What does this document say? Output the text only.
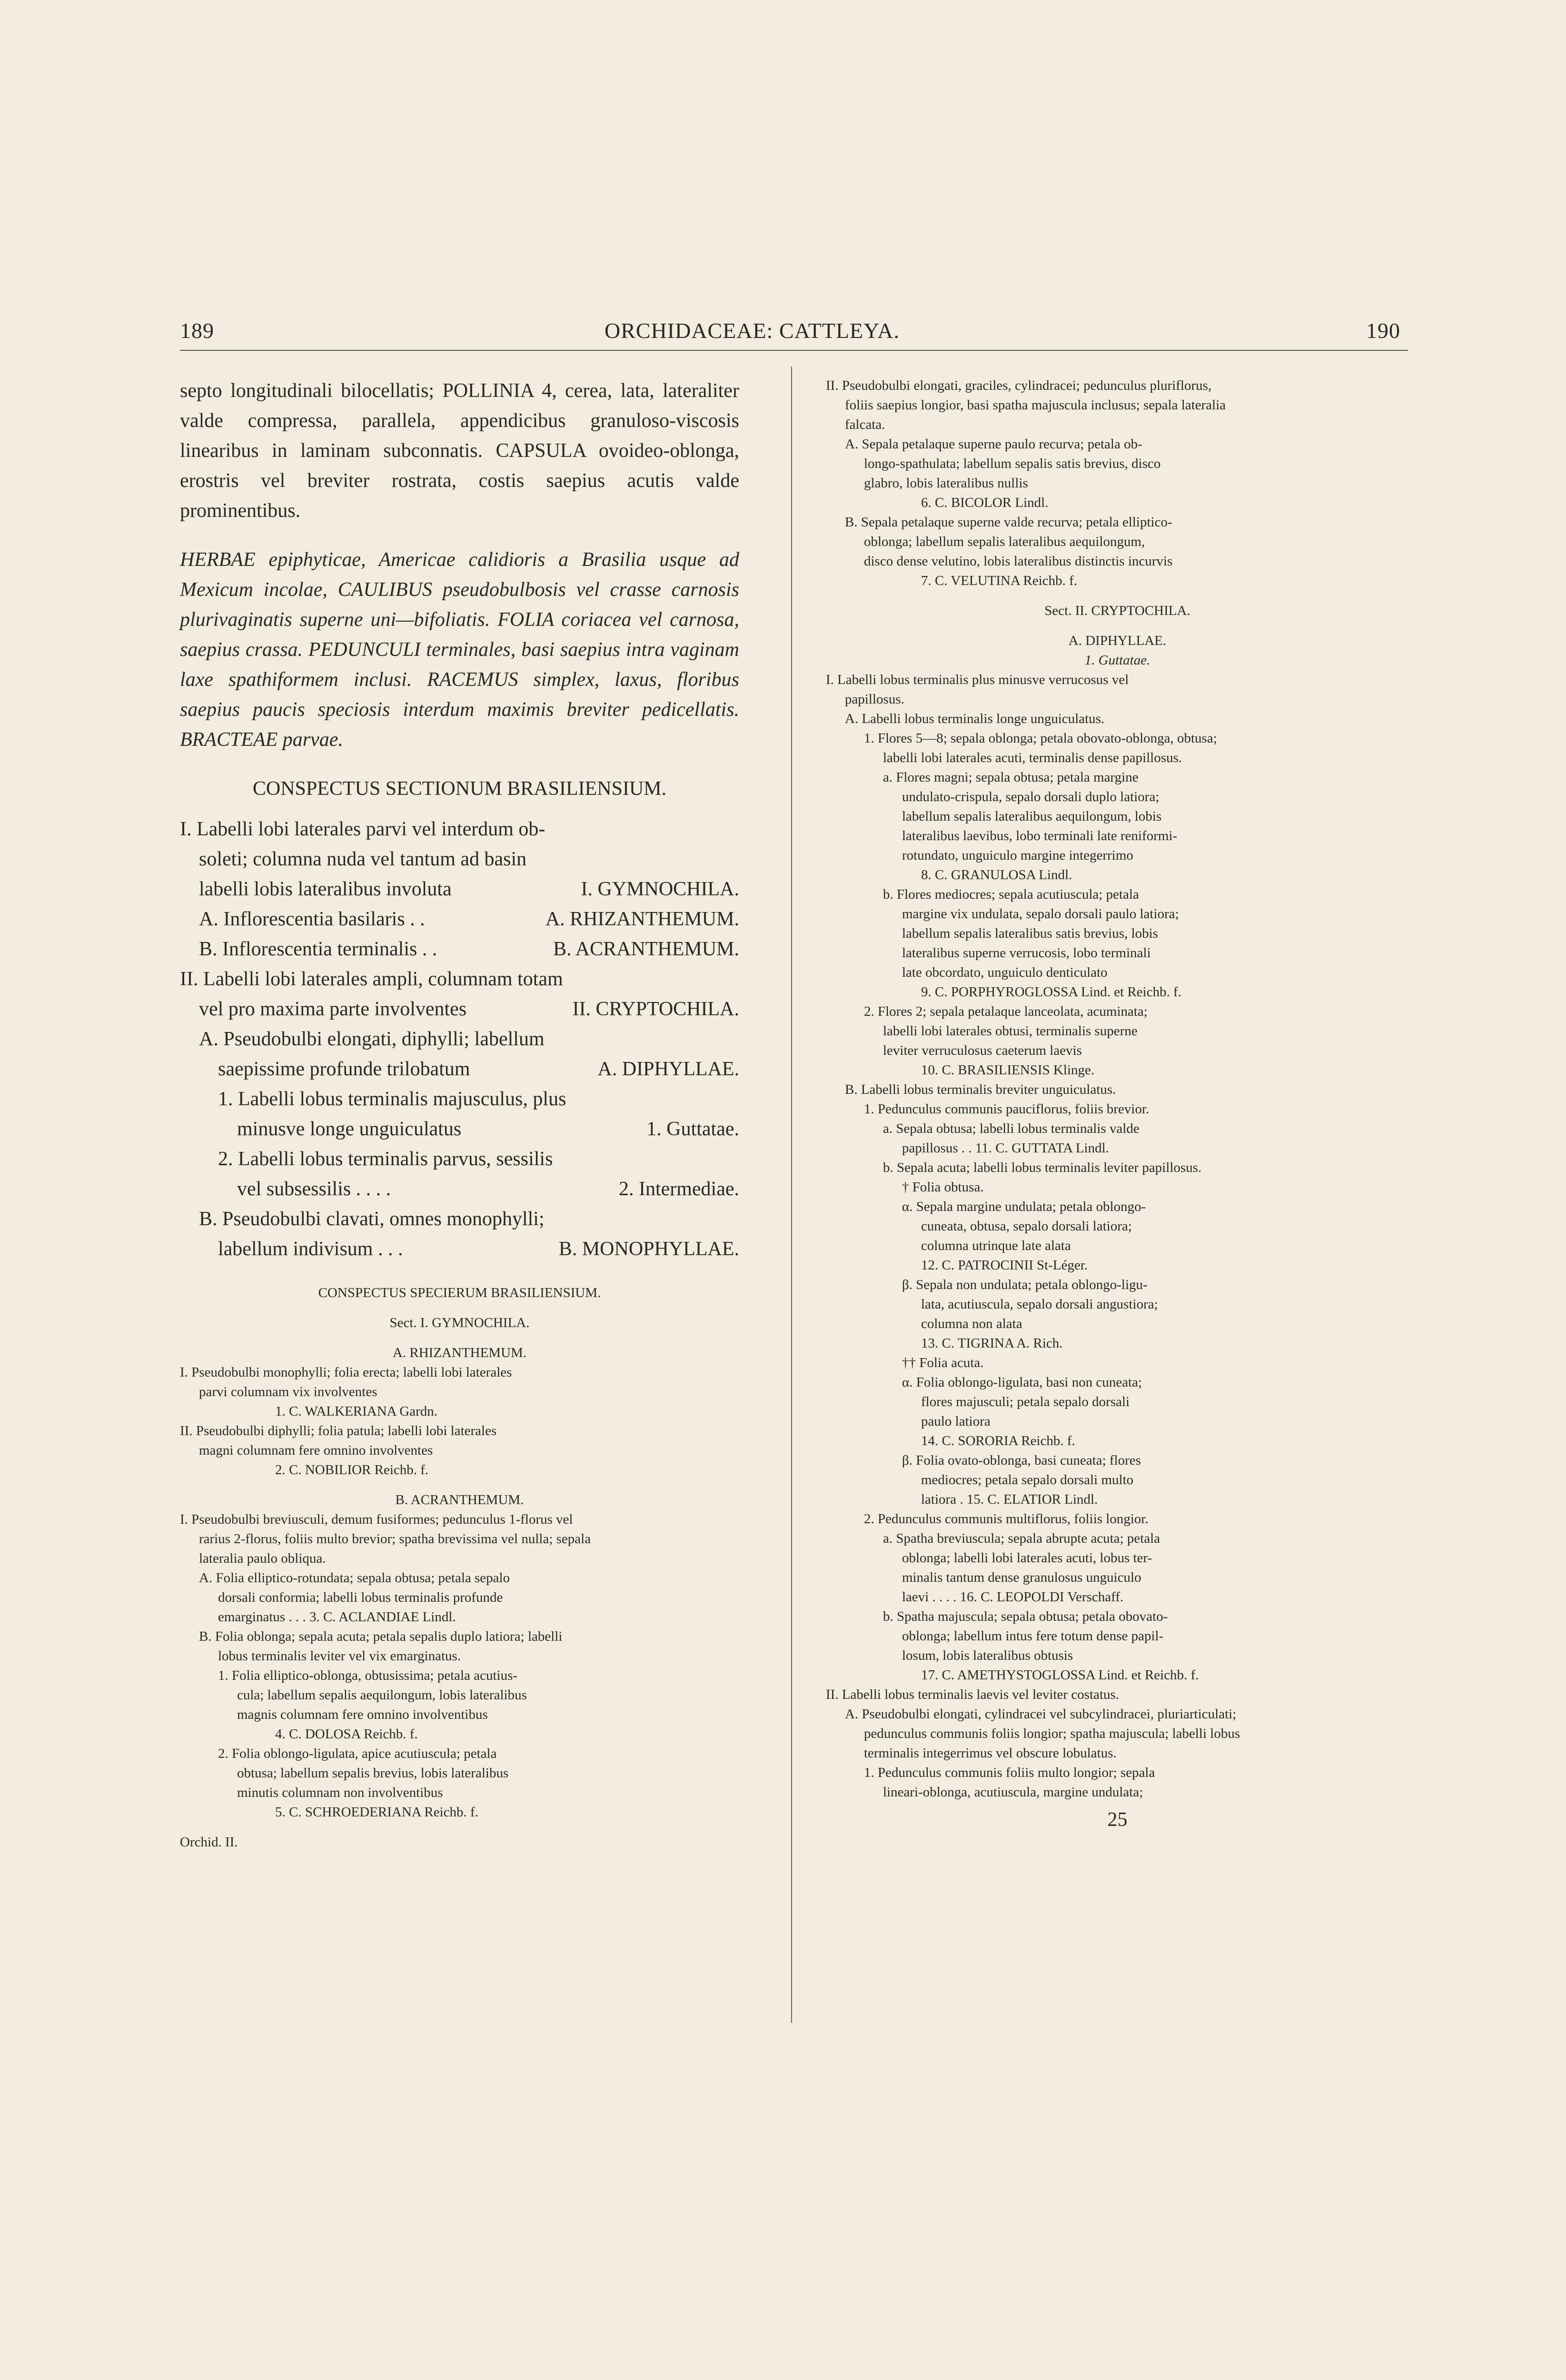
189	ORCHIDACEAE: CATTLEYA.	190

septo longitudinali bilocellatis; POLLINIA 4, cerea, lata, lateraliter valde compressa, parallela, appendicibus granuloso-viscosis linearibus in laminam subconnatis. CAPSULA ovoideo-oblonga, erostris vel breviter rostrata, costis saepius acutis valde prominentibus.

HERBAE epiphyticae, Americae calidioris a Brasilia usque ad Mexicum incolae, CAULIBUS pseudobulbosis vel crasse carnosis plurivaginatis superne uni—bifoliatis. FOLIA coriacea vel carnosa, saepius crassa. PEDUNCULI terminales, basi saepius intra vaginam laxe spathiformem inclusi. RACEMUS simplex, laxus, floribus saepius paucis speciosis interdum maximis breviter pedicellatis. BRACTEAE parvae.

CONSPECTUS SECTIONUM BRASILIENSIUM.

I. Labelli lobi laterales parvi vel interdum ob-
soleti; columna nuda vel tantum ad basin
labelli lobis lateralibus involuta	I. GYMNOCHILA.
A. Inflorescentia basilaris . .	A. RHIZANTHEMUM.
B. Inflorescentia terminalis . .	B. ACRANTHEMUM.
II. Labelli lobi laterales ampli, columnam totam
vel pro maxima parte involventes	II. CRYPTOCHILA.
A. Pseudobulbi elongati, diphylli; labellum
saepissime profunde trilobatum	A. DIPHYLLAE.
1. Labelli lobus terminalis majusculus, plus
minusve longe unguiculatus	1. Guttatae.
2. Labelli lobus terminalis parvus, sessilis
vel subsessilis . . . .	2. Intermediae.
B. Pseudobulbi clavati, omnes monophylli;
labellum indivisum . . .	B. MONOPHYLLAE.

CONSPECTUS SPECIERUM BRASILIENSIUM.

Sect. I. GYMNOCHILA.

A. RHIZANTHEMUM.

I. Pseudobulbi monophylli; folia erecta; labelli lobi laterales
parvi columnam vix involventes
1. C. WALKERIANA Gardn.
II. Pseudobulbi diphylli; folia patula; labelli lobi laterales
magni columnam fere omnino involventes
2. C. NOBILIOR Reichb. f.

B. ACRANTHEMUM.

I. Pseudobulbi breviusculi, demum fusiformes; pedunculus 1-florus vel
rarius 2-florus, foliis multo brevior; spatha brevissima vel nulla; sepala
lateralia paulo obliqua.
A. Folia elliptico-rotundata; sepala obtusa; petala sepalo
dorsali conformia; labelli lobus terminalis profunde
emarginatus . . . 3. C. ACLANDIAE Lindl.
B. Folia oblonga; sepala acuta; petala sepalis duplo latiora; labelli
lobus terminalis leviter vel vix emarginatus.
1. Folia elliptico-oblonga, obtusissima; petala acutius-
cula; labellum sepalis aequilongum, lobis lateralibus
magnis columnam fere omnino involventibus
4. C. DOLOSA Reichb. f.
2. Folia oblongo-ligulata, apice acutiuscula; petala
obtusa; labellum sepalis brevius, lobis lateralibus
minutis columnam non involventibus
5. C. SCHROEDERIANA Reichb. f.

Orchid. II.

II. Pseudobulbi elongati, graciles, cylindracei; pedunculus pluriflorus,
foliis saepius longior, basi spatha majuscula inclusus; sepala lateralia
falcata.
A. Sepala petalaque superne paulo recurva; petala ob-
longo-spathulata; labellum sepalis satis brevius, disco
glabro, lobis lateralibus nullis
6. C. BICOLOR Lindl.
B. Sepala petalaque superne valde recurva; petala elliptico-
oblonga; labellum sepalis lateralibus aequilongum,
disco dense velutino, lobis lateralibus distinctis incurvis
7. C. VELUTINA Reichb. f.

Sect. II. CRYPTOCHILA.

A. DIPHYLLAE.

1. Guttatae.

I. Labelli lobus terminalis plus minusve verrucosus vel
papillosus.
A. Labelli lobus terminalis longe unguiculatus.
1. Flores 5—8; sepala oblonga; petala obovato-oblonga, obtusa;
labelli lobi laterales acuti, terminalis dense papillosus.
a. Flores magni; sepala obtusa; petala margine
undulato-crispula, sepalo dorsali duplo latiora;
labellum sepalis lateralibus aequilongum, lobis
lateralibus laevibus, lobo terminali late reniformi-
rotundato, unguiculo margine integerrimo
8. C. GRANULOSA Lindl.
b. Flores mediocres; sepala acutiuscula; petala
margine vix undulata, sepalo dorsali paulo latiora;
labellum sepalis lateralibus satis brevius, lobis
lateralibus superne verrucosis, lobo terminali
late obcordato, unguiculo denticulato
9. C. PORPHYROGLOSSA Lind. et Reichb. f.
2. Flores 2; sepala petalaque lanceolata, acuminata;
labelli lobi laterales obtusi, terminalis superne
leviter verruculosus caeterum laevis
10. C. BRASILIENSIS Klinge.
B. Labelli lobus terminalis breviter unguiculatus.
1. Pedunculus communis pauciflorus, foliis brevior.
a. Sepala obtusa; labelli lobus terminalis valde
papillosus . . 11. C. GUTTATA Lindl.
b. Sepala acuta; labelli lobus terminalis leviter papillosus.
† Folia obtusa.
α. Sepala margine undulata; petala oblongo-
cuneata, obtusa, sepalo dorsali latiora;
columna utrinque late alata
12. C. PATROCINII St-Léger.
β. Sepala non undulata; petala oblongo-ligu-
lata, acutiuscula, sepalo dorsali angustiora;
columna non alata
13. C. TIGRINA A. Rich.
†† Folia acuta.
α. Folia oblongo-ligulata, basi non cuneata;
flores majusculi; petala sepalo dorsali
paulo latiora
14. C. SORORIA Reichb. f.
β. Folia ovato-oblonga, basi cuneata; flores
mediocres; petala sepalo dorsali multo
latiora . 15. C. ELATIOR Lindl.
2. Pedunculus communis multiflorus, foliis longior.
a. Spatha breviuscula; sepala abrupte acuta; petala
oblonga; labelli lobi laterales acuti, lobus ter-
minalis tantum dense granulosus unguiculo
laevi . . . . 16. C. LEOPOLDI Verschaff.
b. Spatha majuscula; sepala obtusa; petala obovato-
oblonga; labellum intus fere totum dense papil-
losum, lobis lateralibus obtusis
17. C. AMETHYSTOGLOSSA Lind. et Reichb. f.
II. Labelli lobus terminalis laevis vel leviter costatus.
A. Pseudobulbi elongati, cylindracei vel subcylindracei, pluriarticulati;
pedunculus communis foliis longior; spatha majuscula; labelli lobus
terminalis integerrimus vel obscure lobulatus.
1. Pedunculus communis foliis multo longior; sepala
lineari-oblonga, acutiuscula, margine undulata;

25
